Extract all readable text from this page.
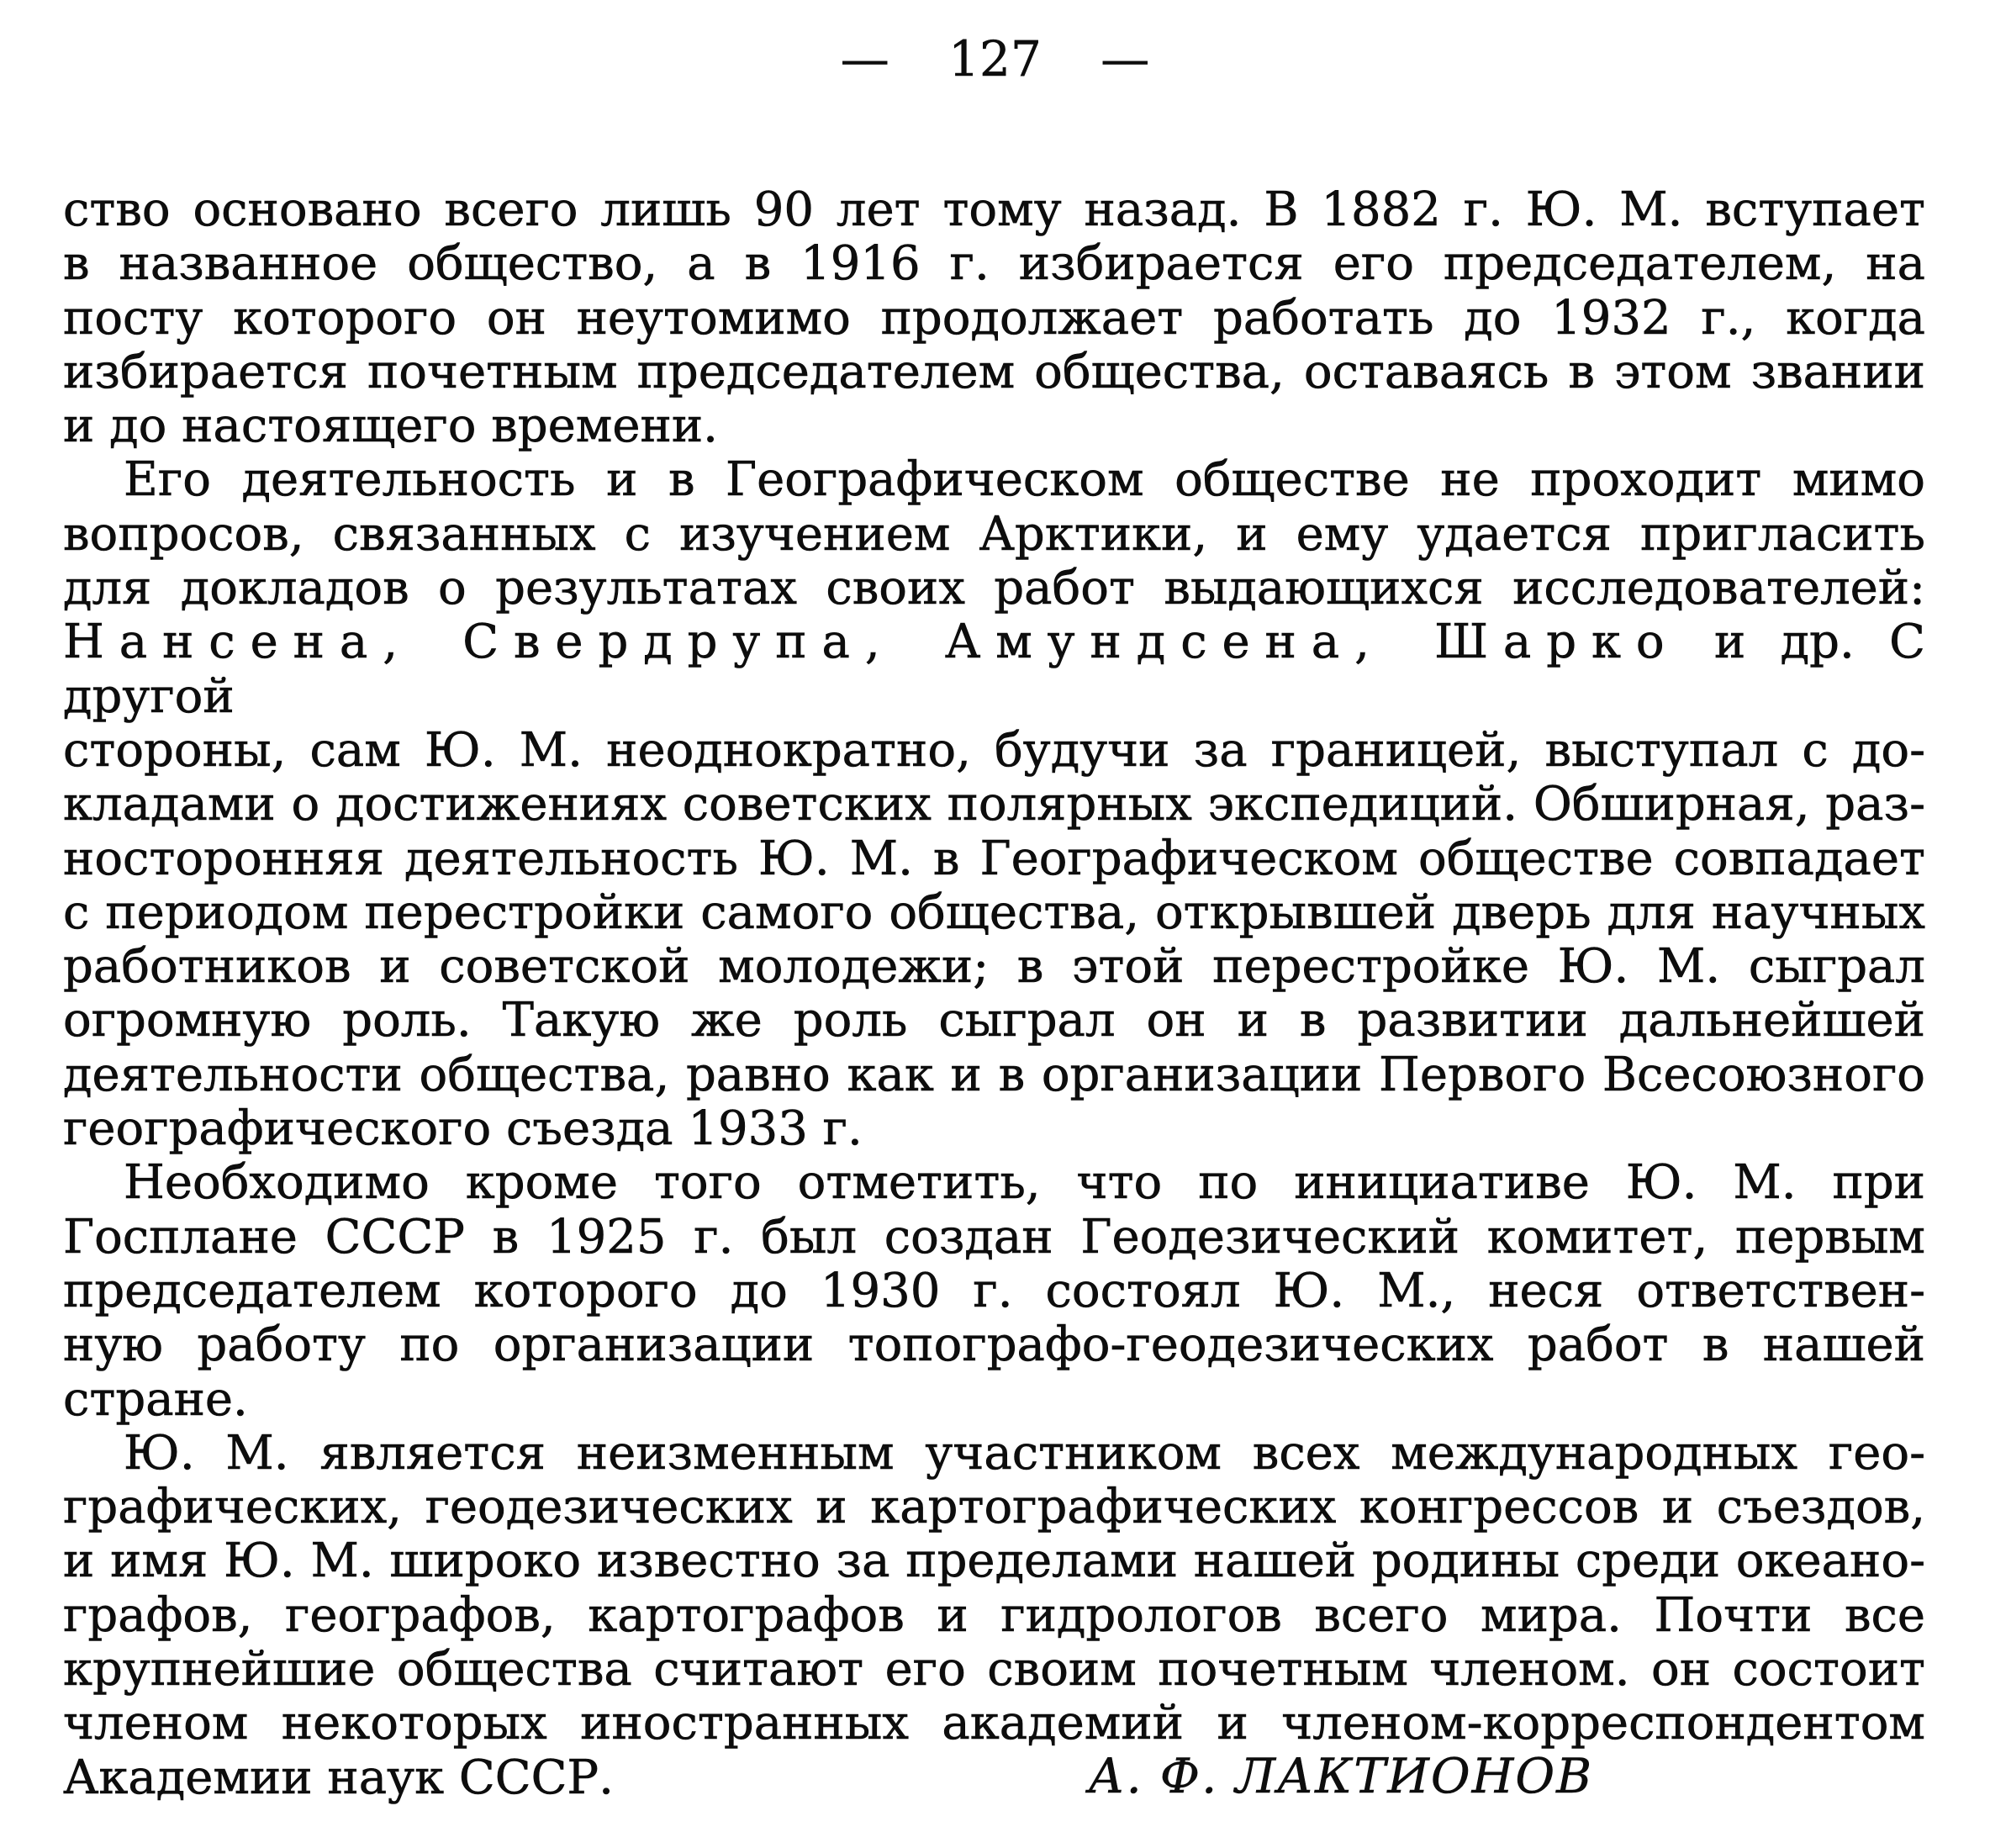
— 127 —
ство основано всего лишь 90 лет тому назад. В 1882 г. Ю. М. вступает
в названное общество, а в 1916 г. избирается его председателем, на
посту которого он неутомимо продолжает работать до 1932 г., когда
избирается почетным председателем общества, оставаясь в этом звании
и до настоящего времени.
Его деятельность и в Географическом обществе не проходит мимо
вопросов, связанных с изучением Арктики, и ему удается пригласить
для докладов о результатах своих работ выдающихся исследователей:
Нансена, Свердрупа, Амундсена, Шарко и др. С другой
стороны, сам Ю. М. неоднократно, будучи за границей, выступал с до-
кладами о достижениях советских полярных экспедиций. Обширная, раз-
носторонняя деятельность Ю. М. в Географическом обществе совпадает
с периодом перестройки самого общества, открывшей дверь для научных
работников и советской молодежи; в этой перестройке Ю. М. сыграл
огромную роль. Такую же роль сыграл он и в развитии дальнейшей
деятельности общества, равно как и в организации Первого Всесоюзного
географического съезда 1933 г.
Необходимо кроме того отметить, что по инициативе Ю. М. при
Госплане СССР в 1925 г. был создан Геодезический комитет, первым
председателем которого до 1930 г. состоял Ю. М., неся ответствен-
ную работу по организации топографо-геодезических работ в нашей
стране.
Ю. М. является неизменным участником всех международных гео-
графических, геодезических и картографических конгрессов и съездов,
и имя Ю. М. широко известно за пределами нашей родины среди океано-
графов, географов, картографов и гидрологов всего мира. Почти все
крупнейшие общества считают его своим почетным членом. он состоит
членом некоторых иностранных академий и членом-корреспондентом
Академии наук СССР.	А. Ф. ЛАКТИОНОВ
